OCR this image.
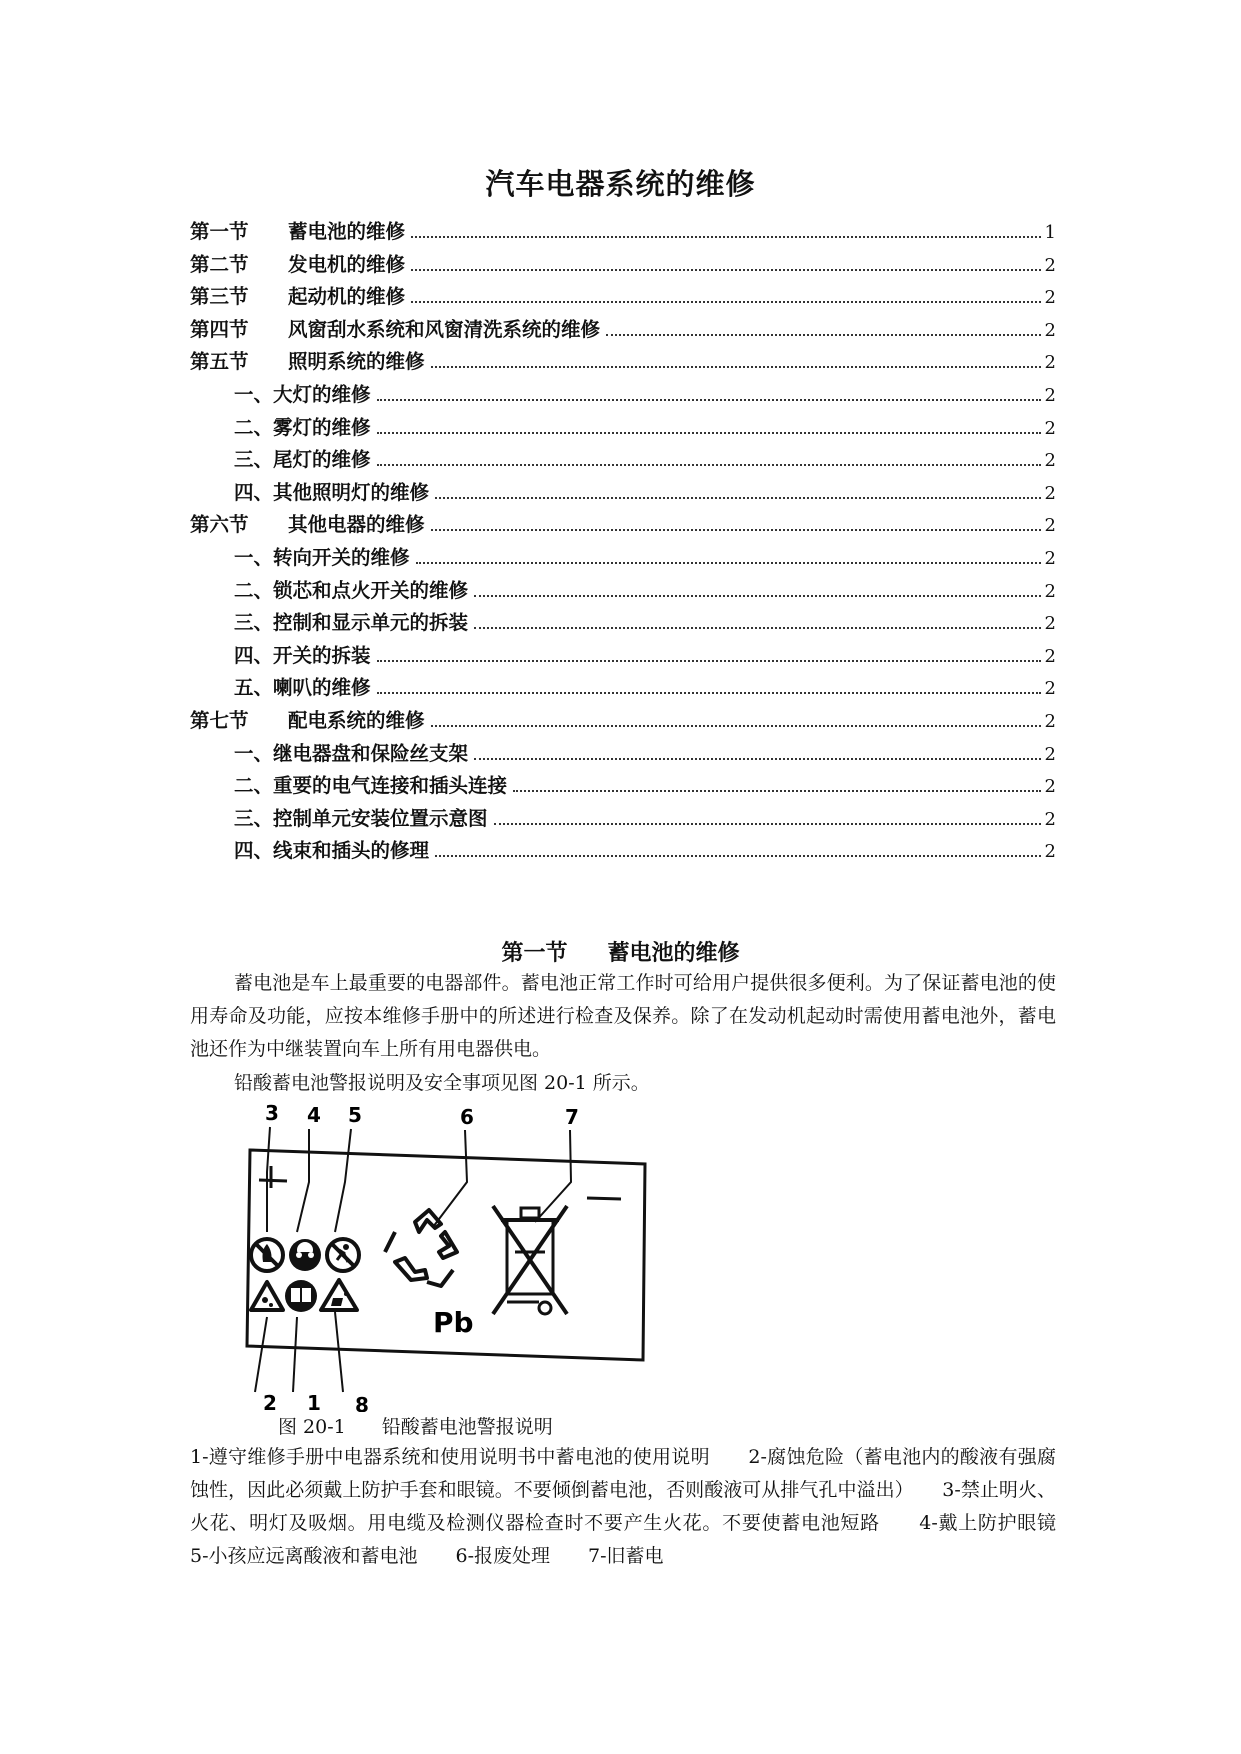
汽车电器系统的维修
第一节	蓄电池的维修	1
第二节	发电机的维修	2
第三节	起动机的维修	2
第四节	风窗刮水系统和风窗清洗系统的维修	2
第五节	照明系统的维修	2
一、大灯的维修	2
二、雾灯的维修	2
三、尾灯的维修	2
四、其他照明灯的维修	2
第六节	其他电器的维修	2
一、转向开关的维修	2
二、锁芯和点火开关的维修	2
三、控制和显示单元的拆装	2
四、开关的拆装	2
五、喇叭的维修	2
第七节	配电系统的维修	2
一、继电器盘和保险丝支架	2
二、重要的电气连接和插头连接	2
三、控制单元安装位置示意图	2
四、线束和插头的修理	2
第一节 蓄电池的维修
蓄电池是车上最重要的电器部件。蓄电池正常工作时可给用户提供很多便利。为了保证蓄电池的使用寿命及功能，应按本维修手册中的所述进行检查及保养。除了在发动机起动时需使用蓄电池外，蓄电池还作为中继装置向车上所有用电器供电。
铅酸蓄电池警报说明及安全事项见图 20-1 所示。
3 4 5	6	7
2 1 8
Pb
图 20-1 铅酸蓄电池警报说明
1-遵守维修手册中电器系统和使用说明书中蓄电池的使用说明　　2-腐蚀危险（蓄电池内的酸液有强腐蚀性，因此必须戴上防护手套和眼镜。不要倾倒蓄电池，否则酸液可从排气孔中溢出）　　3-禁止明火、火花、明灯及吸烟。用电缆及检测仪器检查时不要产生火花。不要使蓄电池短路　　4-戴上防护眼镜　　5-小孩应远离酸液和蓄电池　　6-报废处理　　7-旧蓄电
